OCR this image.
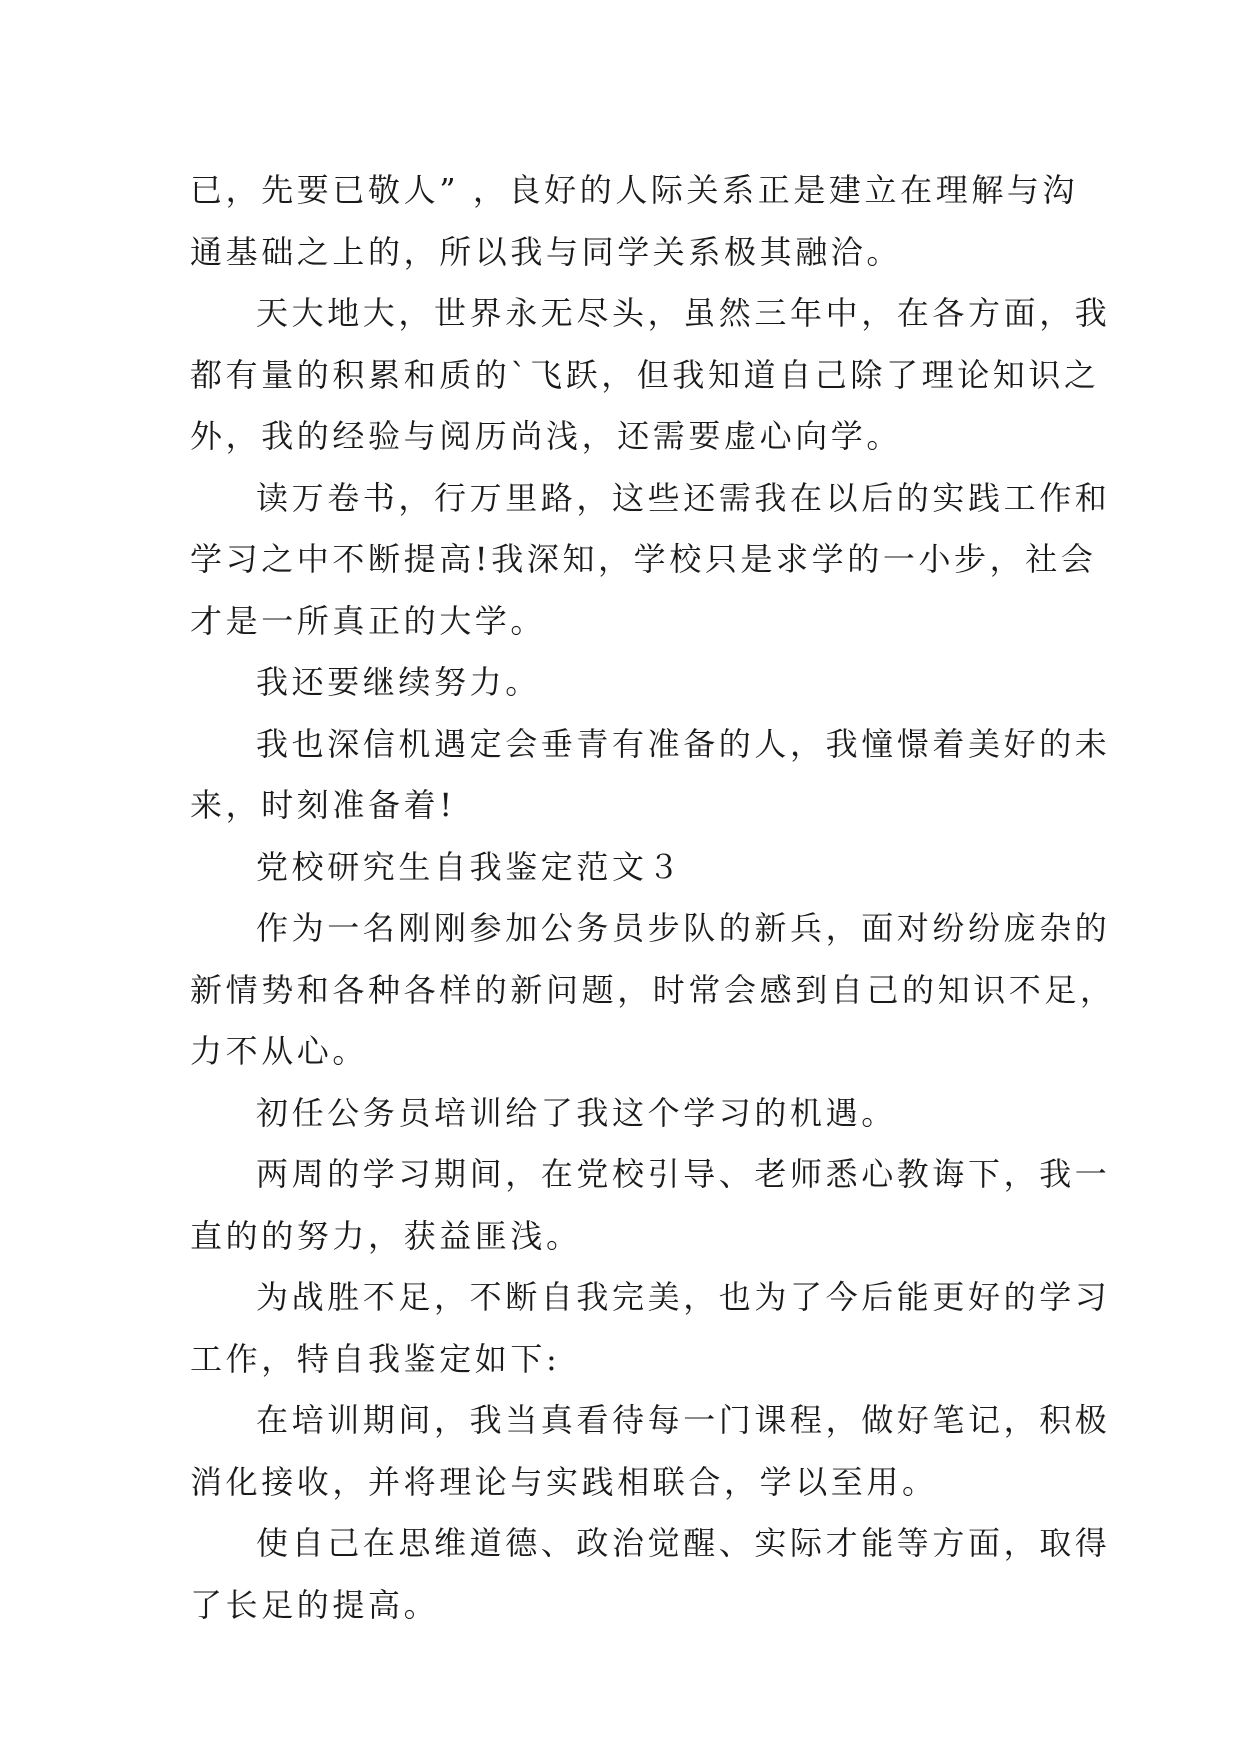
已，先要已敬人” ，良好的人际关系正是建立在理解与沟

通基础之上的，所以我与同学关系极其融洽。

天大地大，世界永无尽头，虽然三年中，在各方面，我

都有量的积累和质的`飞跃，但我知道自己除了理论知识之

外，我的经验与阅历尚浅，还需要虚心向学。

读万卷书，行万里路，这些还需我在以后的实践工作和

学习之中不断提高!我深知，学校只是求学的一小步，社会

才是一所真正的大学。

我还要继续努力。

我也深信机遇定会垂青有准备的人，我憧憬着美好的未

来，时刻准备着!

党校研究生自我鉴定范文３

作为一名刚刚参加公务员步队的新兵，面对纷纷庞杂的

新情势和各种各样的新问题，时常会感到自己的知识不足，

力不从心。

初任公务员培训给了我这个学习的机遇。

两周的学习期间，在党校引导、老师悉心教诲下，我一

直的的努力，获益匪浅。

为战胜不足，不断自我完美，也为了今后能更好的学习

工作，特自我鉴定如下:

在培训期间，我当真看待每一门课程，做好笔记，积极

消化接收，并将理论与实践相联合，学以至用。

使自己在思维道德、政治觉醒、实际才能等方面，取得

了长足的提高。
